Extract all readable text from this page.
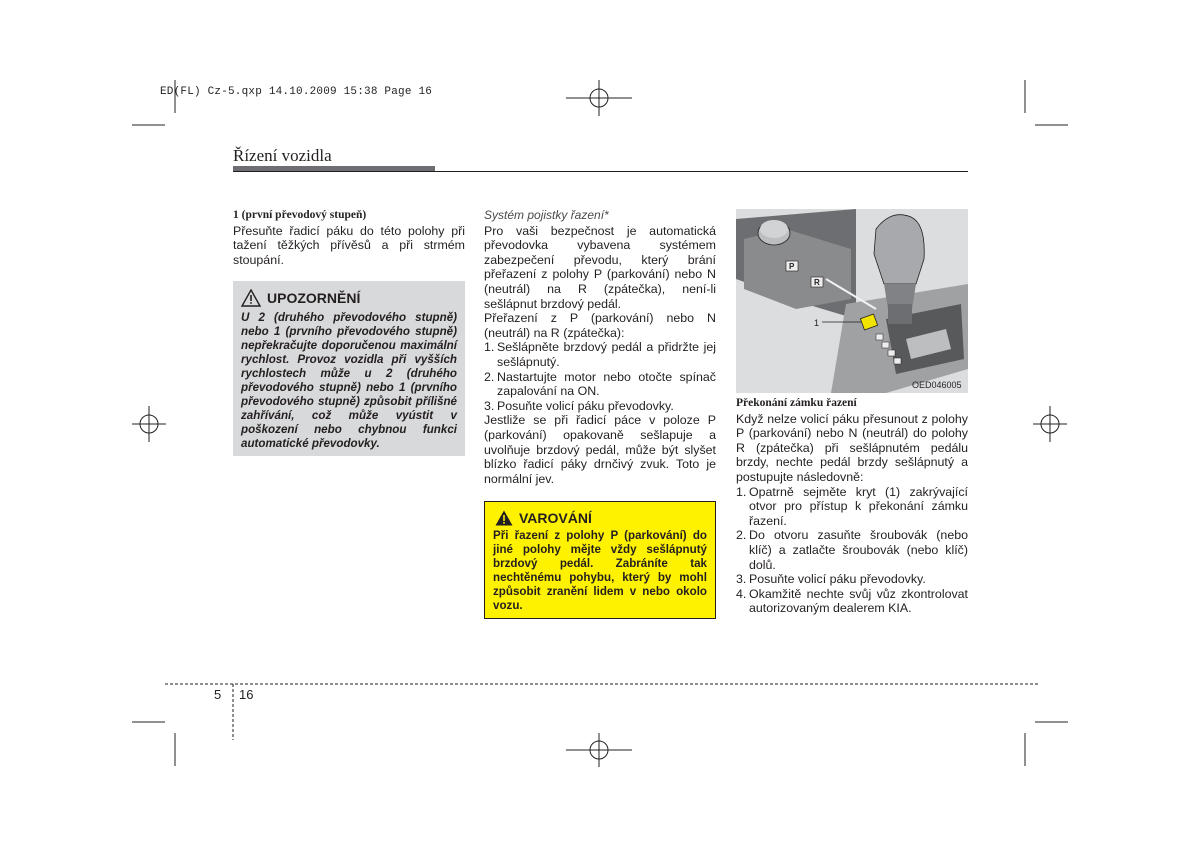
ED(FL) Cz-5.qxp 14.10.2009 15:38 Page 16
Řízení vozidla
1 (první převodový stupeň)

Přesuňte řadicí páku do této polohy při tažení těžkých přívěsů a při strmém stoupání.

UPOZORNĚNÍ
U 2 (druhého převodového stupně) nebo 1 (prvního převodového stupně) nepřekračujte doporučenou maximální rychlost. Provoz vozidla při vyšších rychlostech může u 2 (druhého převodového stupně) nebo 1 (prvního převodového stupně) způsobit přílišné zahřívání, což může vyústit v poškození nebo chybnou funkci automatické převodovky.
Systém pojistky řazení*

Pro vaši bezpečnost je automatická převodovka vybavena systémem zabezpečení převodu, který brání přeřazení z polohy P (parkování) nebo N (neutrál) na R (zpátečka), není-li sešlápnut brzdový pedál.

Přeřazení z P (parkování) nebo N (neutrál) na R (zpátečka):

1. Sešlápněte brzdový pedál a přidržte jej sešlápnutý.
2. Nastartujte motor nebo otočte spínač zapalování na ON.
3. Posuňte volicí páku převodovky.

Jestliže se při řadicí páce v poloze P (parkování) opakovaně sešlapuje a uvolňuje brzdový pedál, může být slyšet blízko řadicí páky drnčivý zvuk. Toto je normální jev.

VAROVÁNÍ
Při řazení z polohy P (parkování) do jiné polohy mějte vždy sešlápnutý brzdový pedál. Zabráníte tak nechtěnému pohybu, který by mohl způsobit zranění lidem v nebo okolo vozu.
P
R
1
OED046005
Překonání zámku řazení

Když nelze volicí páku přesunout z polohy P (parkování) nebo N (neutrál) do polohy R (zpátečka) při sešlápnutém pedálu brzdy, nechte pedál brzdy sešlápnutý a postupujte následovně:

1. Opatrně sejměte kryt (1) zakrývající otvor pro přístup k překonání zámku řazení.
2. Do otvoru zasuňte šroubovák (nebo klíč) a zatlačte šroubovák (nebo klíč) dolů.
3. Posuňte volicí páku převodovky.
4. Okamžitě nechte svůj vůz zkontrolovat autorizovaným dealerem KIA.
5 16
